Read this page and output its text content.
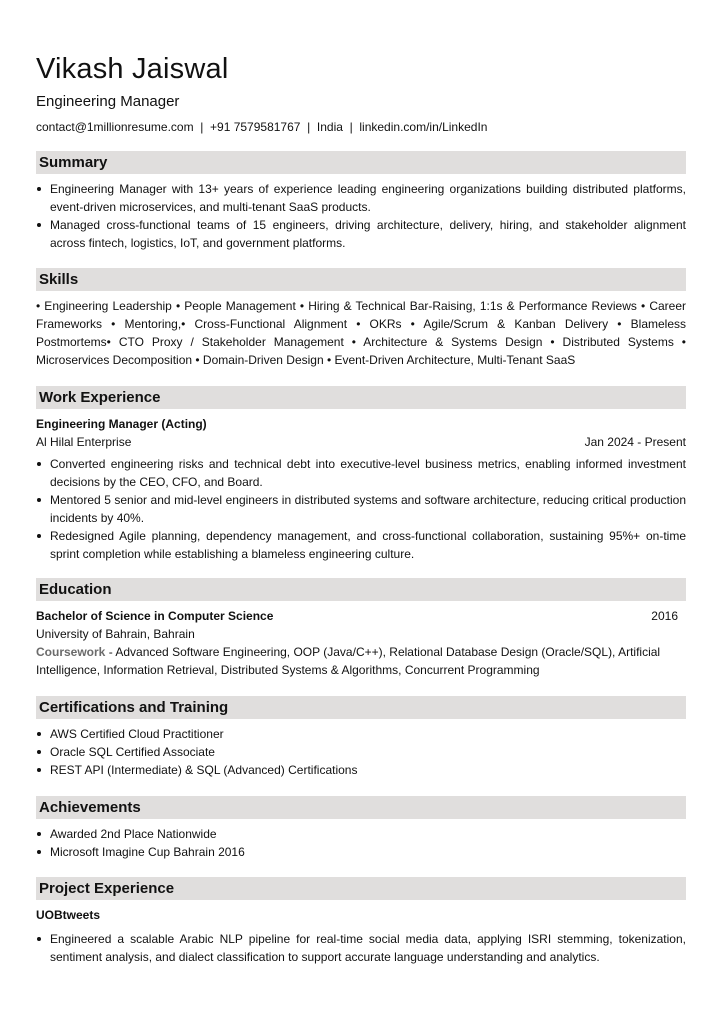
Vikash Jaiswal
Engineering Manager
contact@1millionresume.com  |  +91 7579581767  |  India  |  linkedin.com/in/LinkedIn
Summary
Engineering Manager with 13+ years of experience leading engineering organizations building distributed platforms, event-driven microservices, and multi-tenant SaaS products.
Managed cross-functional teams of 15 engineers, driving architecture, delivery, hiring, and stakeholder alignment across fintech, logistics, IoT, and government platforms.
Skills
• Engineering Leadership • People Management • Hiring & Technical Bar-Raising, 1:1s & Performance Reviews • Career Frameworks • Mentoring,• Cross-Functional Alignment • OKRs • Agile/Scrum & Kanban Delivery • Blameless Postmortems• CTO Proxy / Stakeholder Management • Architecture & Systems Design • Distributed Systems • Microservices Decomposition • Domain-Driven Design • Event-Driven Architecture, Multi-Tenant SaaS
Work Experience
Engineering Manager (Acting)
Al Hilal Enterprise	Jan 2024 - Present
Converted engineering risks and technical debt into executive-level business metrics, enabling informed investment decisions by the CEO, CFO, and Board.
Mentored 5 senior and mid-level engineers in distributed systems and software architecture, reducing critical production incidents by 40%.
Redesigned Agile planning, dependency management, and cross-functional collaboration, sustaining 95%+ on-time sprint completion while establishing a blameless engineering culture.
Education
Bachelor of Science in Computer Science	2016
University of Bahrain, Bahrain
Coursework - Advanced Software Engineering, OOP (Java/C++), Relational Database Design (Oracle/SQL), Artificial Intelligence, Information Retrieval, Distributed Systems & Algorithms, Concurrent Programming
Certifications and Training
AWS Certified Cloud Practitioner
Oracle SQL Certified Associate
REST API (Intermediate) & SQL (Advanced) Certifications
Achievements
Awarded 2nd Place Nationwide
Microsoft Imagine Cup Bahrain 2016
Project Experience
UOBtweets
Engineered a scalable Arabic NLP pipeline for real-time social media data, applying ISRI stemming, tokenization, sentiment analysis, and dialect classification to support accurate language understanding and analytics.
